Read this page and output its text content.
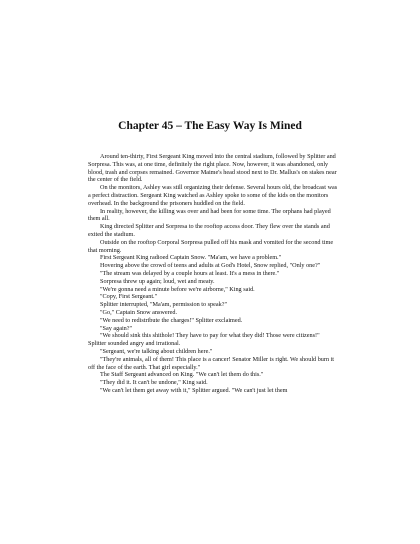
Chapter 45 – The Easy Way Is Mined

Around ten-thirty, First Sergeant King moved into the central stadium, followed by Splitter and Sorpresa. This was, at one time, definitely the right place. Now, however, it was abandoned, only blood, trash and corpses remained. Governor Maime's head stood next to Dr. Mallus's on stakes near the center of the field.

On the monitors, Ashley was still organizing their defense. Several hours old, the broadcast was a perfect distraction. Sergeant King watched as Ashley spoke to some of the kids on the monitors overhead. In the background the prisoners huddled on the field.

In reality, however, the killing was over and had been for some time. The orphans had played them all.

King directed Splitter and Sorpresa to the rooftop access door. They flew over the stands and exited the stadium.

Outside on the rooftop Corporal Sorpresa pulled off his mask and vomited for the second time that morning.

First Sergeant King radioed Captain Snow. "Ma'am, we have a problem."

Hovering above the crowd of teens and adults at God's Hotel, Snow replied, "Only one?"

"The stream was delayed by a couple hours at least. It's a mess in there."

Sorpresa threw up again; loud, wet and meaty.

"We're gonna need a minute before we're airborne," King said.

"Copy, First Sergeant."

Splitter interrupted, "Ma'am, permission to speak?"

"Go," Captain Snow answered.

"We need to redistribute the charges!" Splitter exclaimed.

"Say again?"

"We should sink this shithole! They have to pay for what they did! Those were citizens!" Splitter sounded angry and irrational.

"Sergeant, we're talking about children here."

"They're animals, all of them! This place is a cancer! Senator Miller is right. We should burn it off the face of the earth. That girl especially."

The Staff Sergeant advanced on King. "We can't let them do this."

"They did it. It can't be undone," King said.

"We can't let them get away with it," Splitter argued. "We can't just let them
